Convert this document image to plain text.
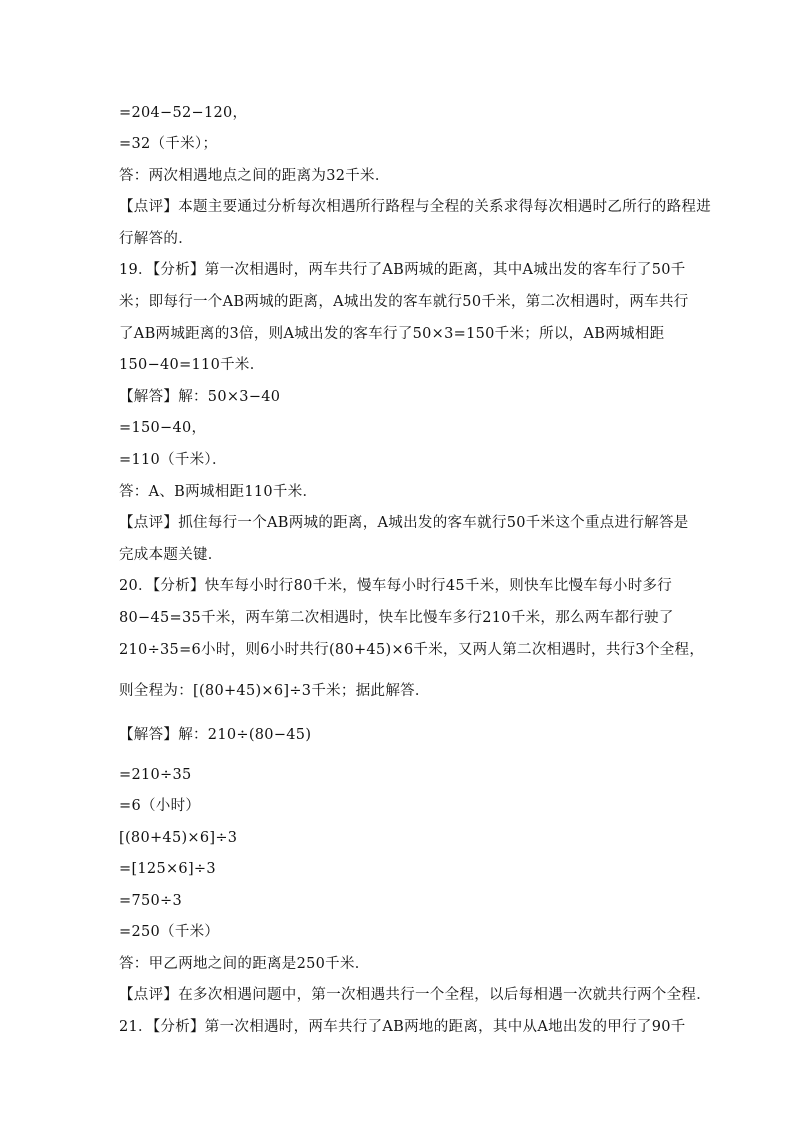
=204−52−120，
=32（千米）；
答：两次相遇地点之间的距离为32千米．
【点评】本题主要通过分析每次相遇所行路程与全程的关系求得每次相遇时乙所行的路程进
行解答的．
19．【分析】第一次相遇时，两车共行了AB两城的距离，其中A城出发的客车行了50千
米；即每行一个AB两城的距离，A城出发的客车就行50千米，第二次相遇时，两车共行
了AB两城距离的3倍，则A城出发的客车行了50×3=150千米；所以，AB两城相距
150−40=110千米．
【解答】解：50×3−40
=150−40，
=110（千米）．
答：A、B两城相距110千米．
【点评】抓住每行一个AB两城的距离，A城出发的客车就行50千米这个重点进行解答是
完成本题关键．
20．【分析】快车每小时行80千米，慢车每小时行45千米，则快车比慢车每小时多行
80−45=35千米，两车第二次相遇时，快车比慢车多行210千米，那么两车都行驶了
210÷35=6小时，则6小时共行(80+45)×6千米，又两人第二次相遇时，共行3个全程，
则全程为：[(80+45)×6]÷3千米；据此解答．
【解答】解：210÷(80−45)
=210÷35
=6（小时）
[(80+45)×6]÷3
=[125×6]÷3
=750÷3
=250（千米）
答：甲乙两地之间的距离是250千米．
【点评】在多次相遇问题中，第一次相遇共行一个全程，以后每相遇一次就共行两个全程．
21．【分析】第一次相遇时，两车共行了AB两地的距离，其中从A地出发的甲行了90千
